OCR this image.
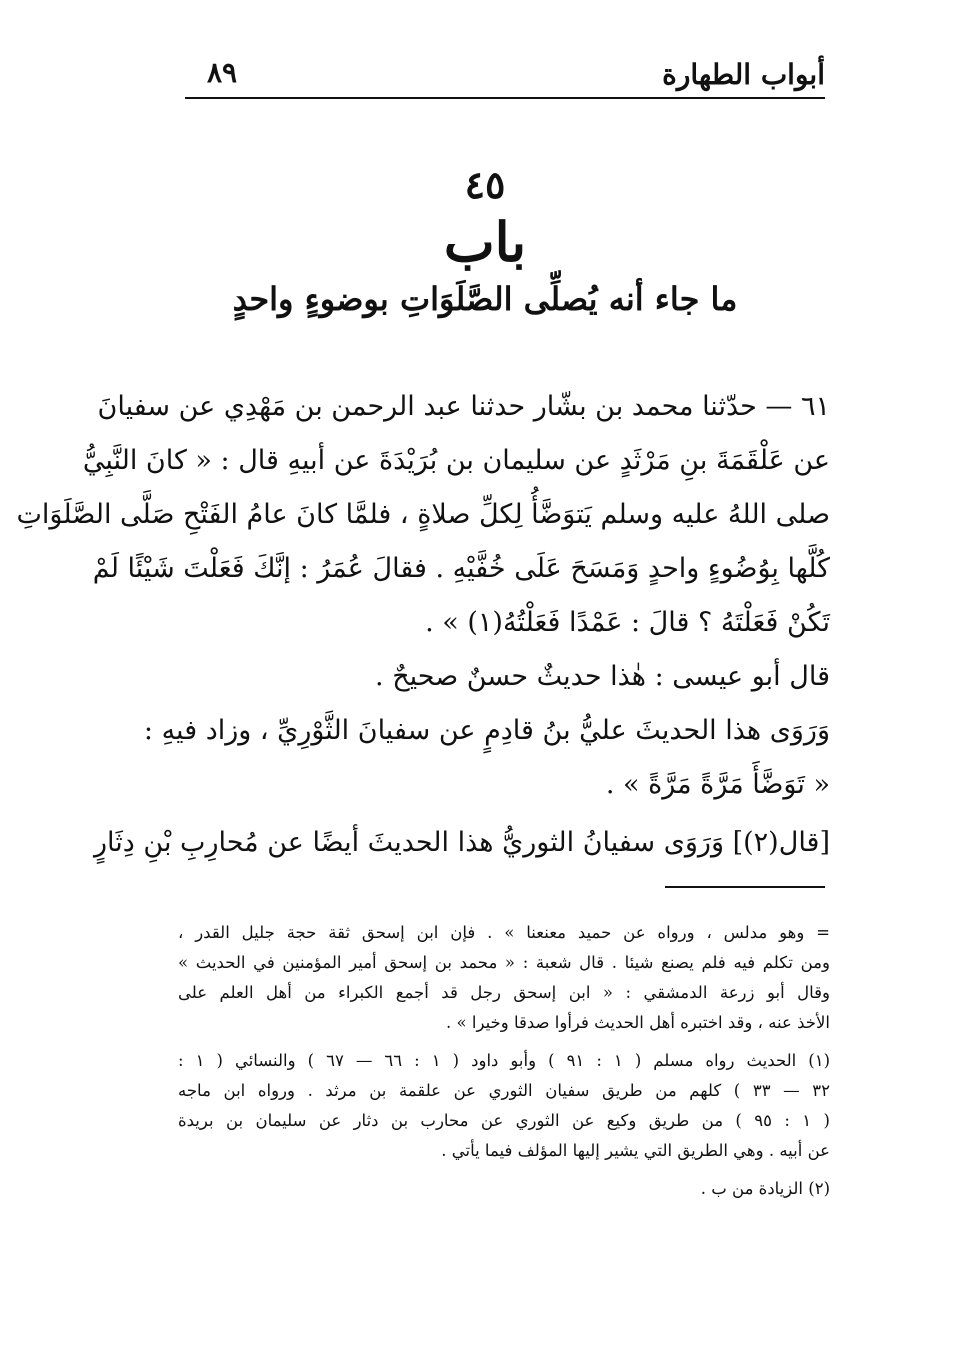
أبواب الطهارة
٨٩
٤٥
باب
ما جاء أنه يُصلِّى الصَّلَوَاتِ بوضوءٍ واحدٍ
٦١ — حدّثنا محمد بن بشّار حدثنا عبد الرحمن بن مَهْدِي عن سفيانَ
عن عَلْقَمَةَ بنِ مَرْثَدٍ عن سليمان بن بُرَيْدَةَ عن أبيهِ قال : « كانَ النَّبِيُّ
صلى اللهُ عليه وسلم يَتوَضَّأُ لِكلِّ صلاةٍ ، فلمَّا كانَ عامُ الفَتْحِ صَلَّى الصَّلَوَاتِ
كُلَّها بِوُضُوءٍ واحدٍ وَمَسَحَ عَلَى خُفَّيْهِ . فقالَ عُمَرُ : إنَّكَ فَعَلْتَ شَيْئًا لَمْ
تَكُنْ فَعَلْتَهُ ؟ قالَ : عَمْدًا فَعَلْتُهُ(١) » .
قال أبو عيسى : هٰذا حديثٌ حسنٌ صحيحٌ .
وَرَوَى هذا الحديثَ عليُّ بنُ قادِمٍ عن سفيانَ الثَّوْرِيِّ ، وزاد فيهِ :
« تَوَضَّأَ مَرَّةً مَرَّةً » .
[قال(٢)] وَرَوَى سفيانُ الثوريُّ هذا الحديثَ أيضًا عن مُحارِبِ بْنِ دِثَارٍ
= وهو مدلس ، ورواه عن حميد معنعنا » . فإن ابن إسحق ثقة حجة جليل القدر ،
ومن تكلم فيه فلم يصنع شيئا . قال شعبة : « محمد بن إسحق أمير المؤمنين في الحديث »
وقال أبو زرعة الدمشقي : « ابن إسحق رجل قد أجمع الكبراء من أهل العلم على
الأخذ عنه ، وقد اختبره أهل الحديث فرأوا صدقا وخيرا » .
(١) الحديث رواه مسلم ( ١ : ٩١ ) وأبو داود ( ١ : ٦٦ — ٦٧ ) والنسائي ( ١ :
٣٢ — ٣٣ ) كلهم من طريق سفيان الثوري عن علقمة بن مرثد . ورواه ابن ماجه
( ١ : ٩٥ ) من طريق وكيع عن الثوري عن محارب بن دثار عن سليمان بن بريدة
عن أبيه . وهي الطريق التي يشير إليها المؤلف فيما يأتي .
(٢) الزيادة من ب .
